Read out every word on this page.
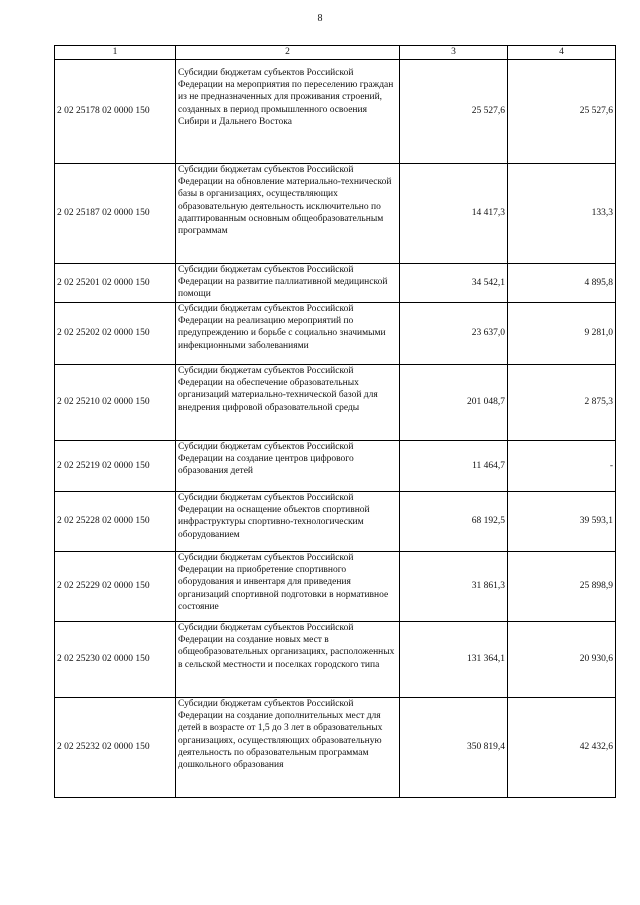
8
1	2	3	4
2 02 25178 02 0000 150	Субсидии бюджетам субъектов Российской Федерации на мероприятия по переселению граждан из не предназначенных для проживания строений, созданных в период промышленного освоения Сибири и Дальнего Востока	25 527,6	25 527,6
2 02 25187 02 0000 150	Субсидии бюджетам субъектов Российской Федерации на обновление материально-технической базы в организациях, осуществляющих образовательную деятельность исключительно по адаптированным основным общеобразовательным программам	14 417,3	133,3
2 02 25201 02 0000 150	Субсидии бюджетам субъектов Российской Федерации на развитие паллиативной медицинской помощи	34 542,1	4 895,8
2 02 25202 02 0000 150	Субсидии бюджетам субъектов Российской Федерации на реализацию мероприятий по предупреждению и борьбе с социально значимыми инфекционными заболеваниями	23 637,0	9 281,0
2 02 25210 02 0000 150	Субсидии бюджетам субъектов Российской Федерации на обеспечение образовательных организаций материально-технической базой для внедрения цифровой образовательной среды	201 048,7	2 875,3
2 02 25219 02 0000 150	Субсидии бюджетам субъектов Российской Федерации на создание центров цифрового образования детей	11 464,7	-
2 02 25228 02 0000 150	Субсидии бюджетам субъектов Российской Федерации на оснащение объектов спортивной инфраструктуры спортивно-технологическим оборудованием	68 192,5	39 593,1
2 02 25229 02 0000 150	Субсидии бюджетам субъектов Российской Федерации на приобретение спортивного оборудования и инвентаря для приведения организаций спортивной подготовки в нормативное состояние	31 861,3	25 898,9
2 02 25230 02 0000 150	Субсидии бюджетам субъектов Российской Федерации на создание новых мест в общеобразовательных организациях, расположенных в сельской местности и поселках городского типа	131 364,1	20 930,6
2 02 25232 02 0000 150	Субсидии бюджетам субъектов Российской Федерации на создание дополнительных мест для детей в возрасте от 1,5 до 3 лет в образовательных организациях, осуществляющих образовательную деятельность по образовательным программам дошкольного образования	350 819,4	42 432,6
